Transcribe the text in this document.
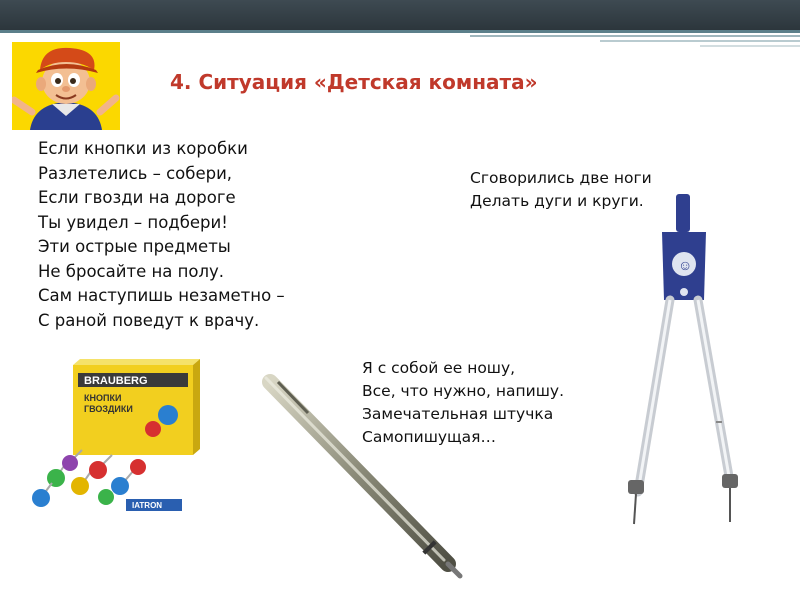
4. Ситуация «Детская комната»
Если кнопки из коробки
Разлетелись – собери,
Если гвозди на дороге
Ты увидел – подбери!
Эти острые предметы
Не бросайте на полу.
Сам наступишь незаметно –
С раной поведут к врачу.
Сговорились две ноги
Делать дуги и круги.
Я с собой ее ношу,
Все, что нужно, напишу.
Замечательная штучка
Самопишущая…
BRAUBERG
КНОПКИ
ГВОЗДИКИ
IATRON
☺
